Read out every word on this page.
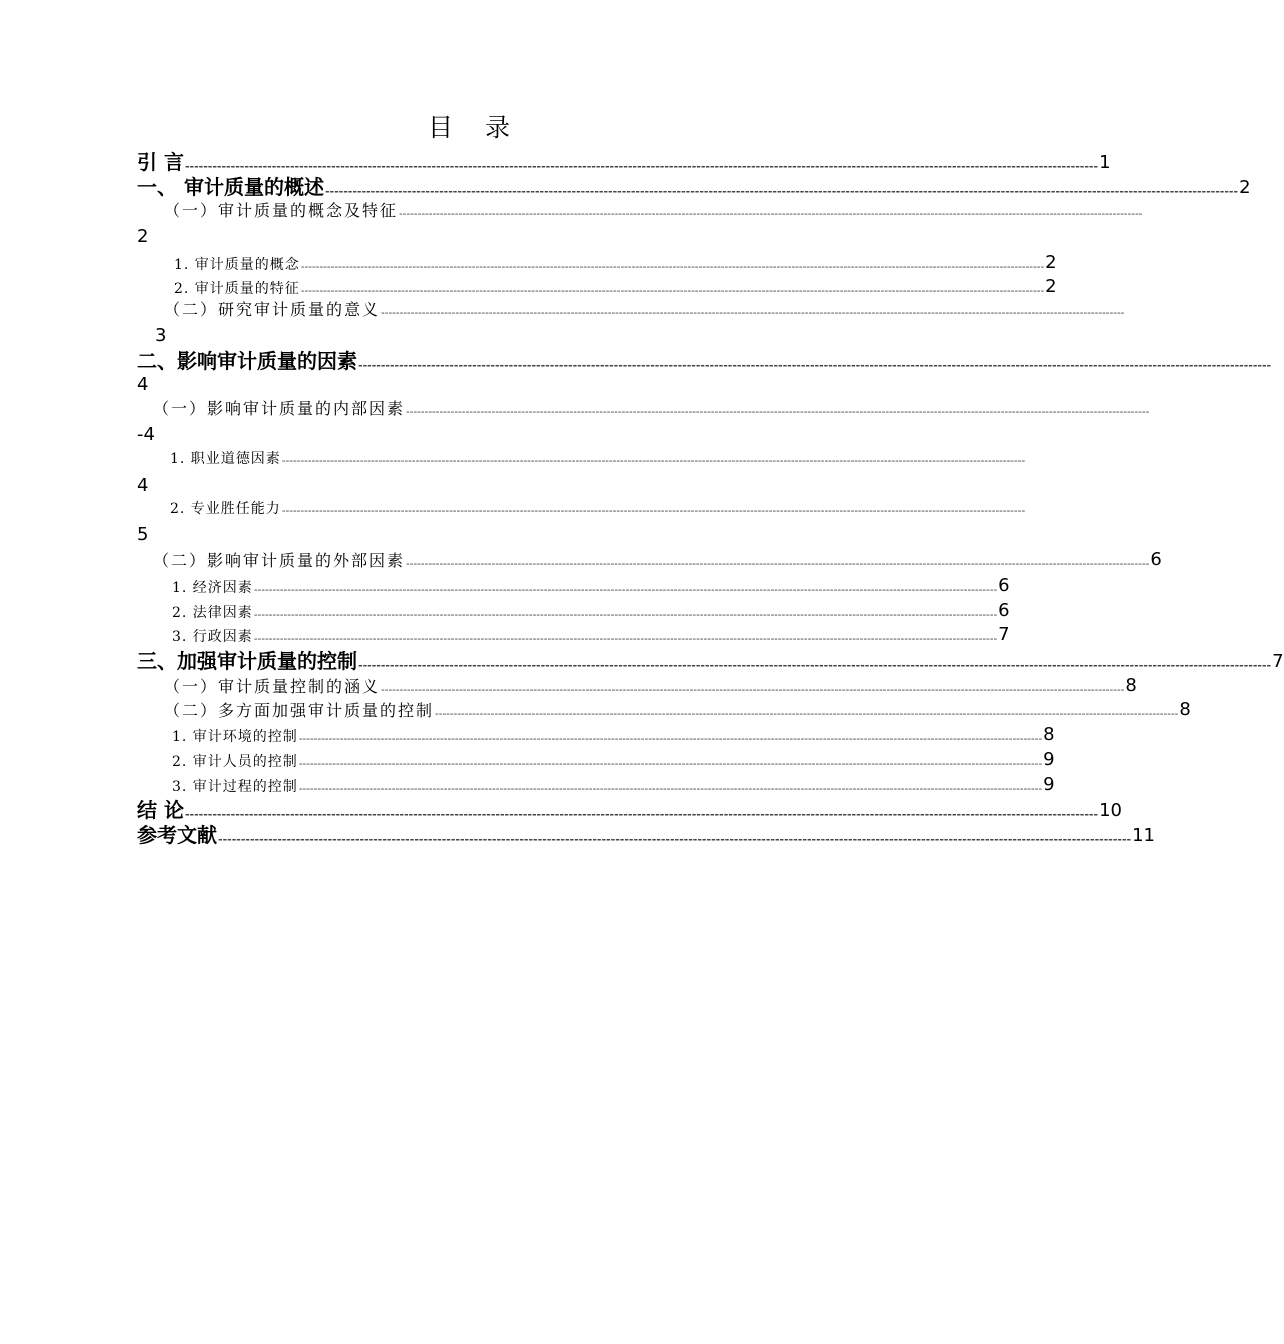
目 录
引 言 -------------------------------------------------------------------------------------------------------------------------------------------------------------------------------------------------------- 1
一、 审计质量的概述 -------------------------------------------------------------------------------------------------------------------------------------------------------------------------------------------------------- 2
（一）审计质量的概念及特征 --------------------------------------------------------------------------------------------------------------------------------------------------------------------------------------------------------
2
1. 审计质量的概念 -------------------------------------------------------------------------------------------------------------------------------------------------------------------------------------------------------- 2
2. 审计质量的特征 -------------------------------------------------------------------------------------------------------------------------------------------------------------------------------------------------------- 2
（二）研究审计质量的意义 --------------------------------------------------------------------------------------------------------------------------------------------------------------------------------------------------------
3
二、影响审计质量的因素 --------------------------------------------------------------------------------------------------------------------------------------------------------------------------------------------------------
4
（一）影响审计质量的内部因素 --------------------------------------------------------------------------------------------------------------------------------------------------------------------------------------------------------
-4
1. 职业道德因素 --------------------------------------------------------------------------------------------------------------------------------------------------------------------------------------------------------
4
2. 专业胜任能力 --------------------------------------------------------------------------------------------------------------------------------------------------------------------------------------------------------
5
（二）影响审计质量的外部因素 -------------------------------------------------------------------------------------------------------------------------------------------------------------------------------------------------------- 6
1. 经济因素 -------------------------------------------------------------------------------------------------------------------------------------------------------------------------------------------------------- 6
2. 法律因素 -------------------------------------------------------------------------------------------------------------------------------------------------------------------------------------------------------- 6
3. 行政因素 -------------------------------------------------------------------------------------------------------------------------------------------------------------------------------------------------------- 7
三、加强审计质量的控制 -------------------------------------------------------------------------------------------------------------------------------------------------------------------------------------------------------- 7
（一）审计质量控制的涵义 -------------------------------------------------------------------------------------------------------------------------------------------------------------------------------------------------------- 8
（二）多方面加强审计质量的控制 -------------------------------------------------------------------------------------------------------------------------------------------------------------------------------------------------------- 8
1. 审计环境的控制 -------------------------------------------------------------------------------------------------------------------------------------------------------------------------------------------------------- 8
2. 审计人员的控制 -------------------------------------------------------------------------------------------------------------------------------------------------------------------------------------------------------- 9
3. 审计过程的控制 -------------------------------------------------------------------------------------------------------------------------------------------------------------------------------------------------------- 9
结 论 -------------------------------------------------------------------------------------------------------------------------------------------------------------------------------------------------------- 10
参考文献 -------------------------------------------------------------------------------------------------------------------------------------------------------------------------------------------------------- 11
